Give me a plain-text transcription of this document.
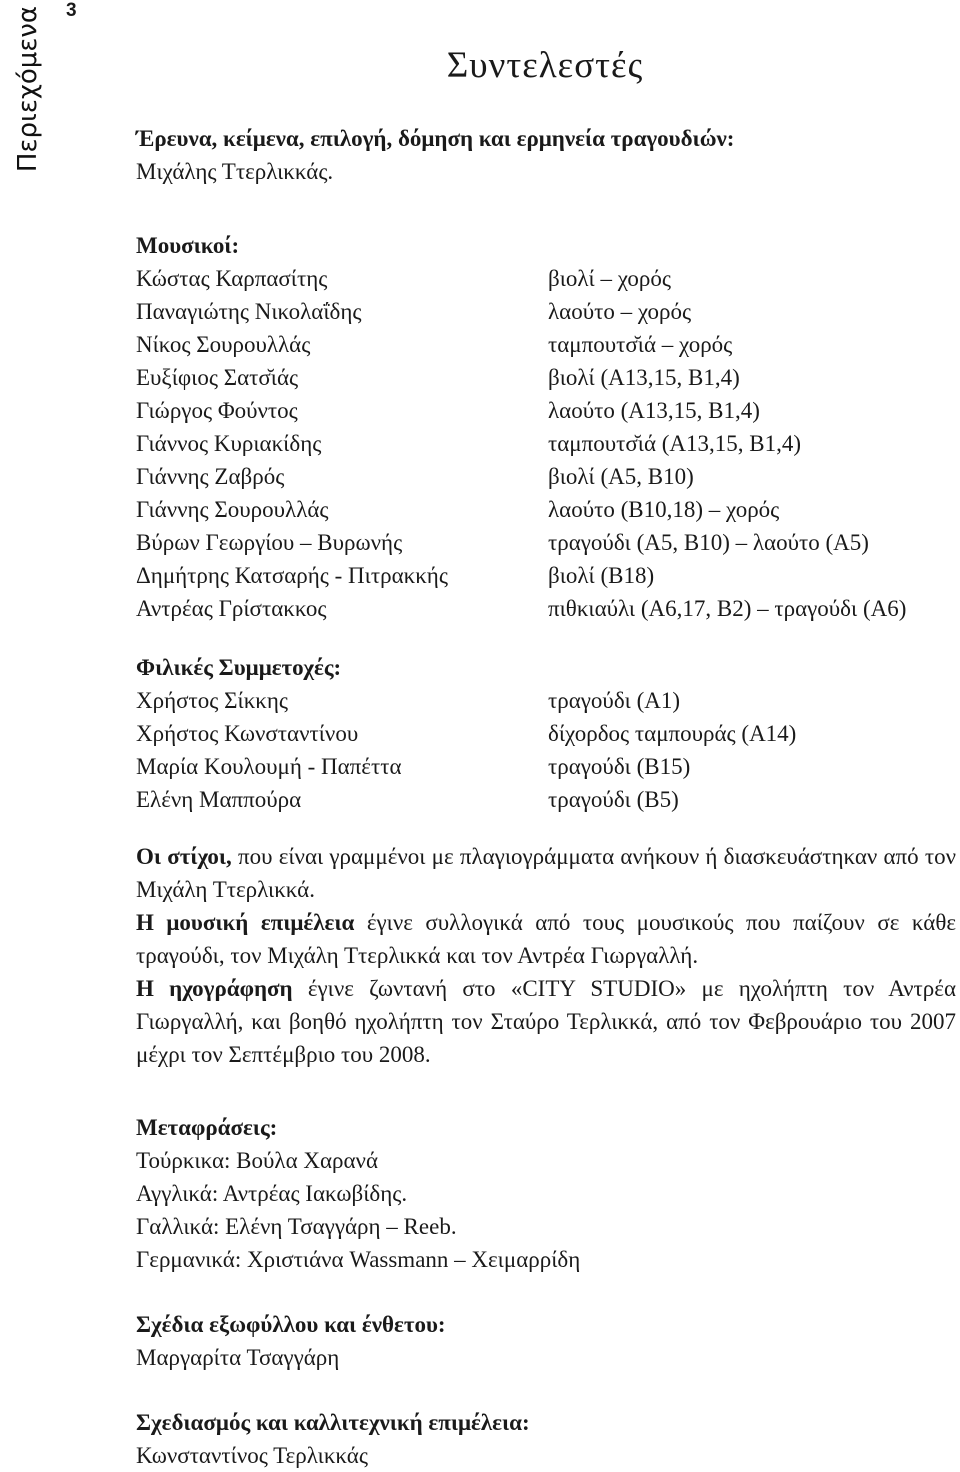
Περιεχόμενα 3
Συντελεστές
Έρευνα, κείμενα, επιλογή, δόμηση και ερμηνεία τραγουδιών:
Μιχάλης Ττερλικκάς.
Μουσικοί:
Κώστας Καρπασίτης	βιολί – χορός
Παναγιώτης Νικολαΐδης	λαούτο – χορός
Νίκος Σουρουλλάς	ταμπουτσ̆ιά – χορός
Ευξίφιος Σατσ̆ιάς	βιολί (Α13,15, Β1,4)
Γιώργος Φούντος	λαούτο (Α13,15, Β1,4)
Γιάννος Κυριακίδης	ταμπουτσ̆ιά (Α13,15, Β1,4)
Γιάννης Ζαβρός	βιολί (Α5, Β10)
Γιάννης Σουρουλλάς	λαούτο (Β10,18) – χορός
Βύρων Γεωργίου – Βυρωνής	τραγούδι (Α5, Β10) – λαούτο (Α5)
Δημήτρης Κατσαρής - Πιτρακκής	βιολί (Β18)
Αντρέας Γρίστακκος	πιθκιαύλι (Α6,17, Β2) – τραγούδι (Α6)
Φιλικές Συμμετοχές:
Χρήστος Σίκκης	τραγούδι (Α1)
Χρήστος Κωνσταντίνου	δίχορδος ταμπουράς (Α14)
Μαρία Κουλουμή - Παπέττα	τραγούδι (Β15)
Ελένη Μαππούρα	τραγούδι (Β5)
Οι στίχοι, που είναι γραμμένοι με πλαγιογράμματα ανήκουν ή διασκευάστηκαν από τον Μιχάλη Ττερλικκά.
Η μουσική επιμέλεια έγινε συλλογικά από τους μουσικούς που παίζουν σε κάθε τραγούδι, τον Μιχάλη Ττερλικκά και τον Αντρέα Γιωργαλλή.
Η ηχογράφηση έγινε ζωντανή στο «CITY STUDIO» με ηχολήπτη τον Αντρέα Γιωργαλλή, και βοηθό ηχολήπτη τον Σταύρο Τερλικκά, από τον Φεβρουάριο του 2007 μέχρι τον Σεπτέμβριο του 2008.
Μεταφράσεις:
Τούρκικα: Βούλα Χαρανά
Αγγλικά: Αντρέας Ιακωβίδης.
Γαλλικά: Ελένη Τσαγγάρη – Reeb.
Γερμανικά: Χριστιάνα Wassmann – Χειμαρρίδη
Σχέδια εξωφύλλου και ένθετου:
Μαργαρίτα Τσαγγάρη
Σχεδιασμός και καλλιτεχνική επιμέλεια:
Κωνσταντίνος Τερλικκάς
